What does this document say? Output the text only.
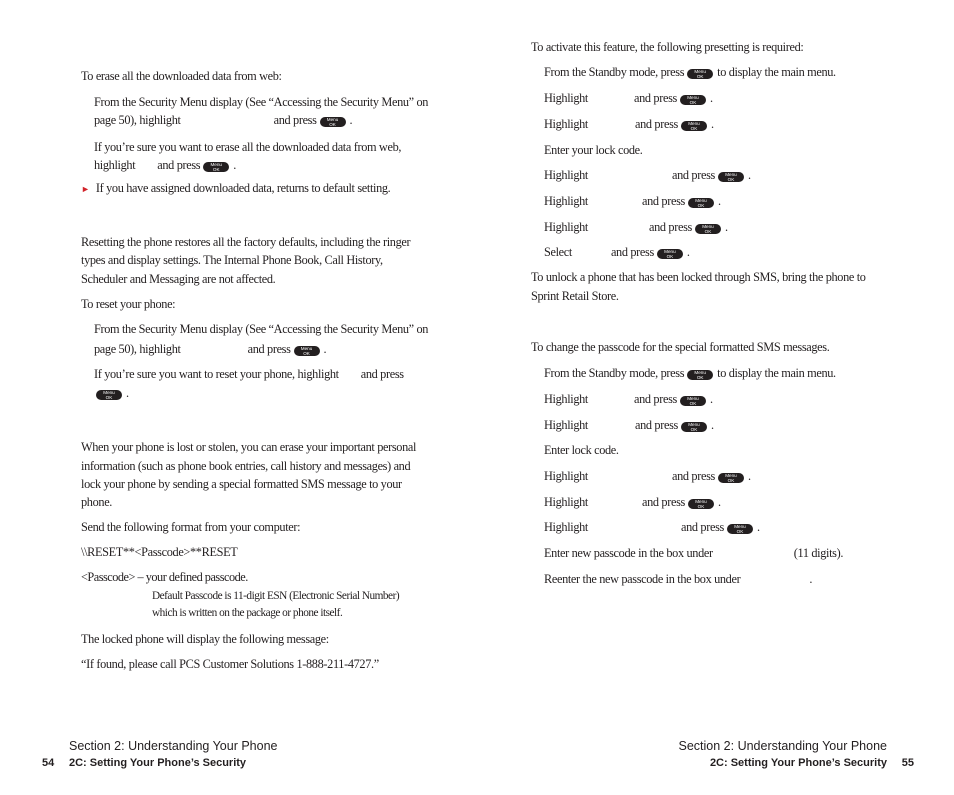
To erase all the downloaded data from web:
From the Security Menu display (See “Accessing the Security Menu” on
page 50), highlight	and press	Menu
OK	.
If you’re sure you want to erase all the downloaded data from web,
highlight and press	Menu
OK	.
► If you have assigned downloaded data, returns to default setting.
Resetting the phone restores all the factory defaults, including the ringer
types and display settings. The Internal Phone Book, Call History,
Scheduler and Messaging are not affected.
To reset your phone:
From the Security Menu display (See “Accessing the Security Menu” on
page 50), highlight	and press	Menu
OK	.
If you’re sure you want to reset your phone, highlight and press
Menu
OK	.
When your phone is lost or stolen, you can erase your important personal
information (such as phone book entries, call history and messages) and
lock your phone by sending a special formatted SMS message to your
phone.
Send the following format from your computer:
\\RESET**<Passcode>**RESET
<Passcode> – your defined passcode.
Default Passcode is 11-digit ESN (Electronic Serial Number)
which is written on the package or phone itself.
The locked phone will display the following message:
“If found, please call PCS Customer Solutions 1-888-211-4727.”
To activate this feature, the following presetting is required:
From the Standby mode, press	Menu
OK	to display the main menu.
Highlight	and press	Menu
OK	.
Highlight	and press	Menu
OK	.
Enter your lock code.
Highlight	and press	Menu
OK	.
Highlight	and press	Menu
OK	.
Highlight	and press	Menu
OK	.
Select	and press	Menu
OK	.
To unlock a phone that has been locked through SMS, bring the phone to
Sprint Retail Store.
To change the passcode for the special formatted SMS messages.
From the Standby mode, press	Menu
OK	to display the main menu.
Highlight	and press	Menu
OK	.
Highlight	and press	Menu
OK	.
Enter lock code.
Highlight	and press	Menu
OK	.
Highlight	and press	Menu
OK	.
Highlight	and press	Menu
OK	.
Enter new passcode in the box under	(11 digits).
Reenter the new passcode in the box under	.
Section 2: Understanding Your Phone
54 2C: Setting Your Phone’s Security
Section 2: Understanding Your Phone
2C: Setting Your Phone’s Security 55
